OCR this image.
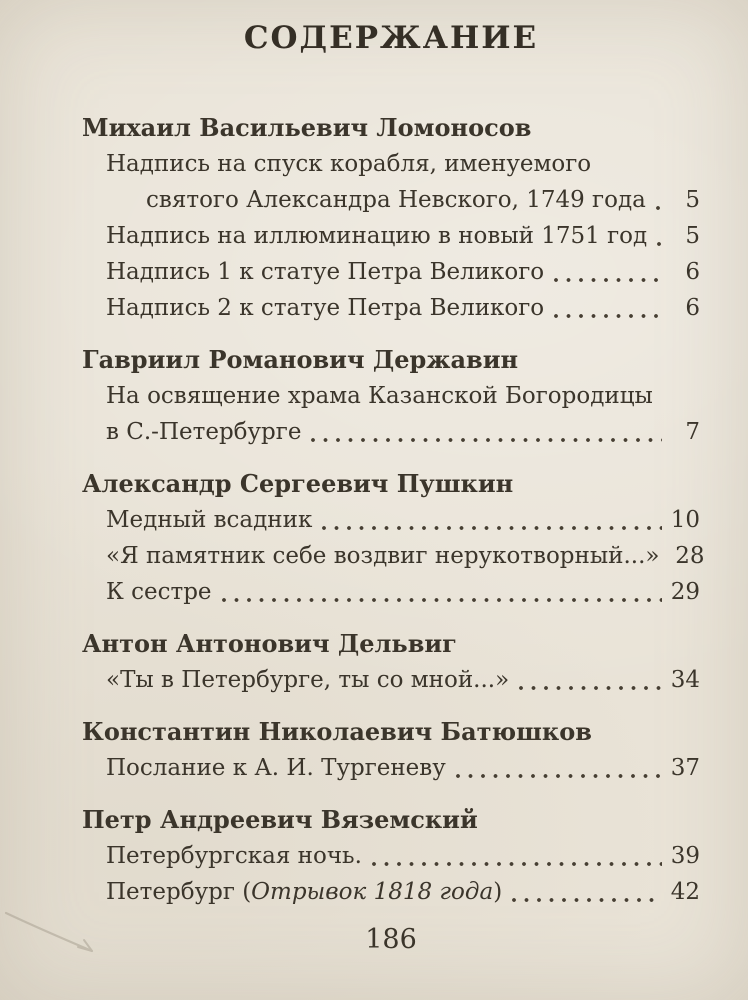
СОДЕРЖАНИЕ
Михаил Васильевич Ломоносов
Надпись на спуск корабля, именуемого
святого Александра Невского, 1749 года	5
Надпись на иллюминацию в новый 1751 год	5
Надпись 1 к статуе Петра Великого	6
Надпись 2 к статуе Петра Великого	6
Гавриил Романович Державин
На освящение храма Казанской Богородицы
в С.-Петербурге	7
Александр Сергеевич Пушкин
Медный всадник	10
«Я памятник себе воздвиг нерукотворный...» 28
К сестре	29
Антон Антонович Дельвиг
«Ты в Петербурге, ты со мной...»	34
Константин Николаевич Батюшков
Послание к А. И. Тургеневу	37
Петр Андреевич Вяземский
Петербургская ночь.	39
Петербург ( Отрывок 1818 года )	42
186
